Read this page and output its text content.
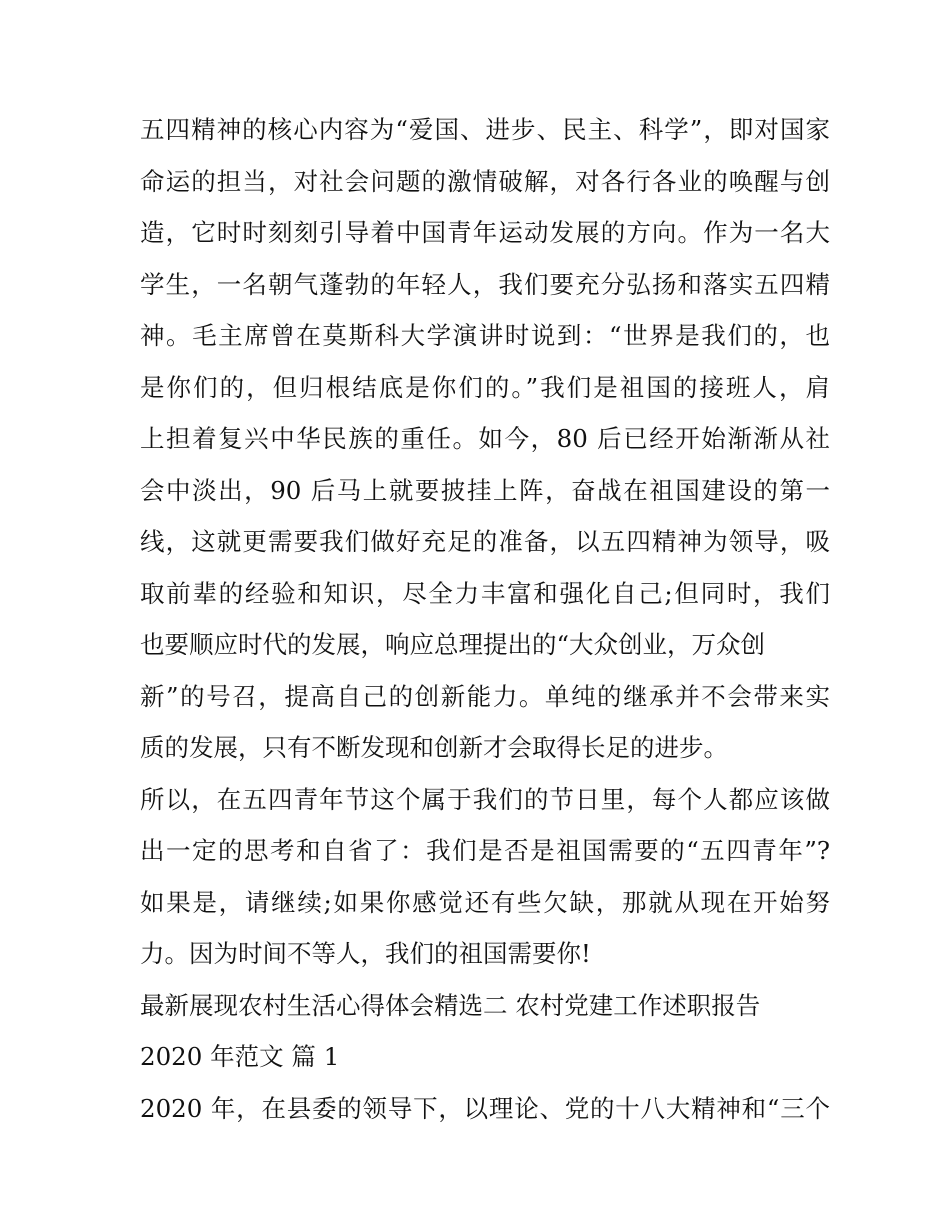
五四精神的核心内容为“爱国、进步、民主、科学”，即对国家
命运的担当，对社会问题的激情破解，对各行各业的唤醒与创
造，它时时刻刻引导着中国青年运动发展的方向。作为一名大
学生，一名朝气蓬勃的年轻人，我们要充分弘扬和落实五四精
神。毛主席曾在莫斯科大学演讲时说到：“世界是我们的，也
是你们的，但归根结底是你们的。”我们是祖国的接班人，肩
上担着复兴中华民族的重任。如今，80 后已经开始渐渐从社
会中淡出，90 后马上就要披挂上阵，奋战在祖国建设的第一
线，这就更需要我们做好充足的准备，以五四精神为领导，吸
取前辈的经验和知识，尽全力丰富和强化自己;但同时，我们
也要顺应时代的发展，响应总理提出的“大众创业，万众创
新”的号召，提高自己的创新能力。单纯的继承并不会带来实
质的发展，只有不断发现和创新才会取得长足的进步。
所以，在五四青年节这个属于我们的节日里，每个人都应该做
出一定的思考和自省了：我们是否是祖国需要的“五四青年”?
如果是，请继续;如果你感觉还有些欠缺，那就从现在开始努
力。因为时间不等人，我们的祖国需要你!
最新展现农村生活心得体会精选二 农村党建工作述职报告
2020 年范文 篇 1
2020 年，在县委的领导下，以理论、党的十八大精神和“三个
